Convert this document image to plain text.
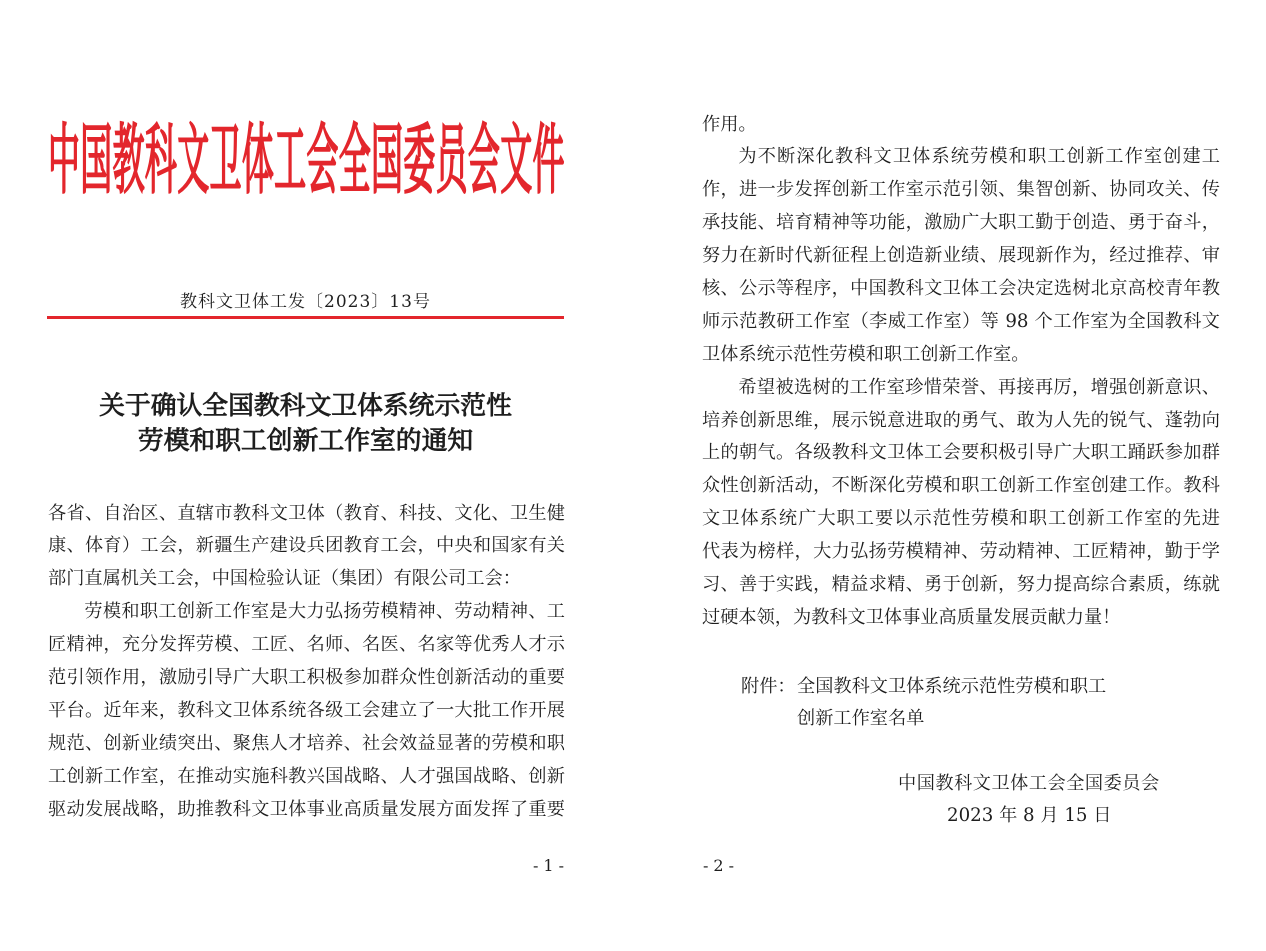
中国教科文卫体工会全国委员会文件
教科文卫体工发〔2023〕13号
关于确认全国教科文卫体系统示范性
劳模和职工创新工作室的通知
各省、自治区、直辖市教科文卫体（教育、科技、文化、卫生健
康、体育）工会，新疆生产建设兵团教育工会，中央和国家有关
部门直属机关工会，中国检验认证（集团）有限公司工会：
劳模和职工创新工作室是大力弘扬劳模精神、劳动精神、工
匠精神，充分发挥劳模、工匠、名师、名医、名家等优秀人才示
范引领作用，激励引导广大职工积极参加群众性创新活动的重要
平台。近年来，教科文卫体系统各级工会建立了一大批工作开展
规范、创新业绩突出、聚焦人才培养、社会效益显著的劳模和职
工创新工作室，在推动实施科教兴国战略、人才强国战略、创新
驱动发展战略，助推教科文卫体事业高质量发展方面发挥了重要
-1-
作用。
为不断深化教科文卫体系统劳模和职工创新工作室创建工
作，进一步发挥创新工作室示范引领、集智创新、协同攻关、传
承技能、培育精神等功能，激励广大职工勤于创造、勇于奋斗，
努力在新时代新征程上创造新业绩、展现新作为，经过推荐、审
核、公示等程序，中国教科文卫体工会决定选树北京高校青年教
师示范教研工作室（李威工作室）等 98 个工作室为全国教科文
卫体系统示范性劳模和职工创新工作室。
希望被选树的工作室珍惜荣誉、再接再厉，增强创新意识、
培养创新思维，展示锐意进取的勇气、敢为人先的锐气、蓬勃向
上的朝气。各级教科文卫体工会要积极引导广大职工踊跃参加群
众性创新活动，不断深化劳模和职工创新工作室创建工作。教科
文卫体系统广大职工要以示范性劳模和职工创新工作室的先进
代表为榜样，大力弘扬劳模精神、劳动精神、工匠精神，勤于学
习、善于实践，精益求精、勇于创新，努力提高综合素质，练就
过硬本领，为教科文卫体事业高质量发展贡献力量！
附件： 全国教科文卫体系统示范性劳模和职工
创新工作室名单
中国教科文卫体工会全国委员会
2023 年 8 月 15 日
-2-
